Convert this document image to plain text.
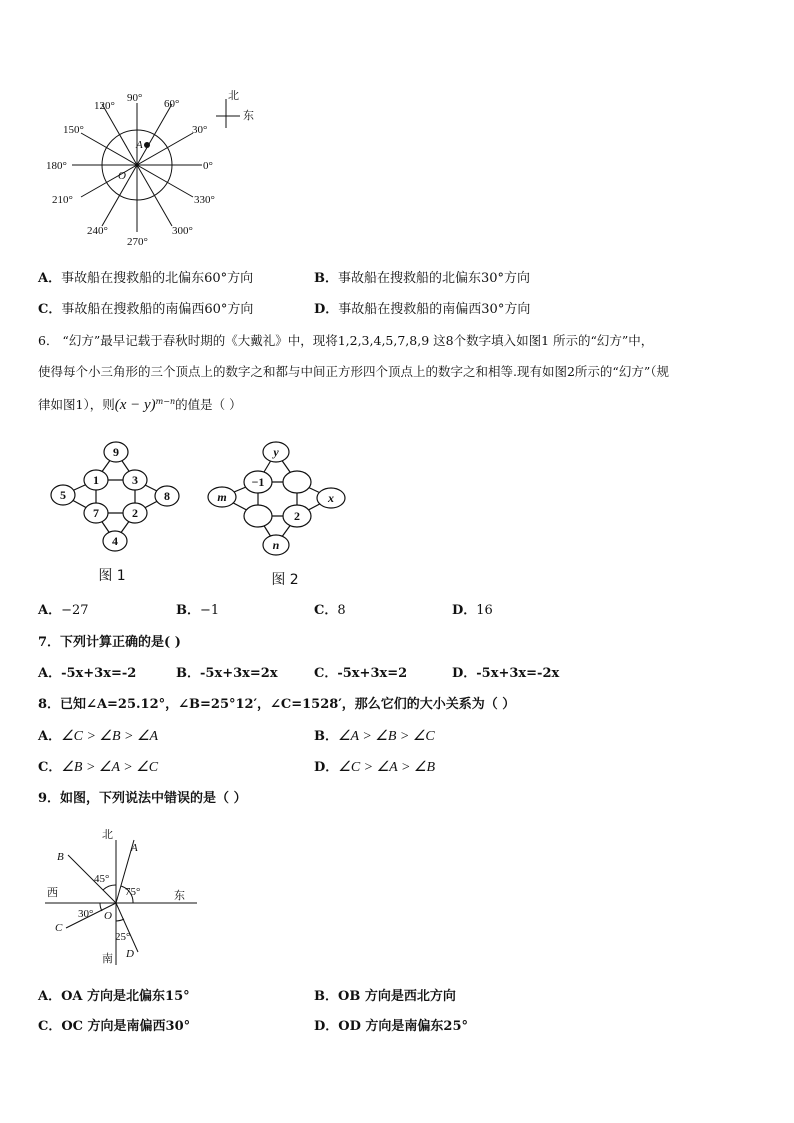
90° 60°
120°
30°
150°
180°	0°
210°	330°
240°	300°
270°
A
O
北
东
A．事故船在搜救船的北偏东60°方向	B．事故船在搜救船的北偏东30°方向
C．事故船在搜救船的南偏西60°方向	D．事故船在搜救船的南偏西30°方向
6． “幻方”最早记载于春秋时期的《大戴礼》中，现将1,2,3,4,5,7,8,9 这8个数字填入如图1 所示的“幻方”中，
使得每个小三角形的三个顶点上的数字之和都与中间正方形四个顶点上的数字之和相等.现有如图2所示的“幻方”（规
律如图1），则$(x - y)^{m-n}$的值是（ ）
9
1	3
5	8
7	2
4
图 1
y
−1
m	x
2
n
图 2
A．−27	B．−1	C．8	D．16
7．下列计算正确的是( )
A．-5x+3x=-2	B．-5x+3x=2x	C．-5x+3x=2	D．-5x+3x=-2x
8．已知∠A=25.12°，∠B=25°12′，∠C=1528′，那么它们的大小关系为（ ）
A．∠C > ∠B > ∠A	B．∠A > ∠B > ∠C
C．∠B > ∠A > ∠C	D．∠C > ∠A > ∠B
9．如图，下列说法中错误的是（ ）
北
南
西	东
A
B
C
D
O
45°
75°
30°
25°
A．OA 方向是北偏东15°	B．OB 方向是西北方向
C．OC 方向是南偏西30°	D．OD 方向是南偏东25°
